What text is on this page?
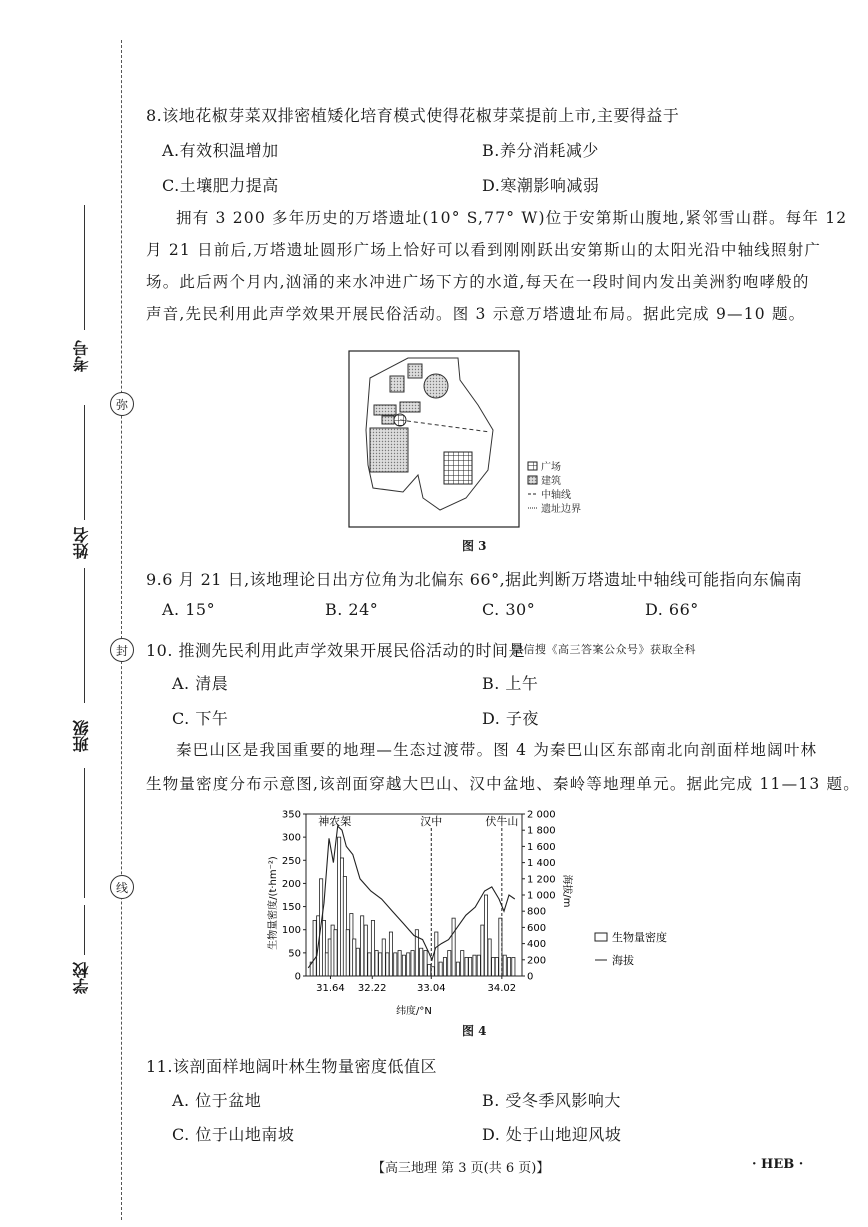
考号
弥
姓名
封
班级
线
学校
8.该地花椒芽菜双排密植矮化培育模式使得花椒芽菜提前上市,主要得益于
A.有效积温增加	B.养分消耗减少
C.土壤肥力提高	D.寒潮影响减弱
拥有 3 200 多年历史的万塔遗址(10° S,77° W)位于安第斯山腹地,紧邻雪山群。每年 12
月 21 日前后,万塔遗址圆形广场上恰好可以看到刚刚跃出安第斯山的太阳光沿中轴线照射广
场。此后两个月内,汹涌的来水冲进广场下方的水道,每天在一段时间内发出美洲豹咆哮般的
声音,先民利用此声学效果开展民俗活动。图 3 示意万塔遗址布局。据此完成 9—10 题。
广场
建筑
中轴线
遗址边界
图 3
9.6 月 21 日,该地理论日出方位角为北偏东 66°,据此判断万塔遗址中轴线可能指向东偏南
A. 15°	B. 24°	C. 30°	D. 66°
10. 推测先民利用此声学效果开展民俗活动的时间是
微信搜《高三答案公众号》获取全科
A. 清晨	B. 上午
C. 下午	D. 子夜
秦巴山区是我国重要的地理—生态过渡带。图 4 为秦巴山区东部南北向剖面样地阔叶林
生物量密度分布示意图,该剖面穿越大巴山、汉中盆地、秦岭等地理单元。据此完成 11—13 题。
0
50
100
150
200
250
300
350
0
200
400
600
800
1 000
1 200
1 400
1 600
1 800
2 000
31.64 32.22	33.04	34.02
神农架	汉中	伏牛山
生物量密度
海拔
生物量密度/(t·hm⁻²)	海拔/m
纬度/°N
图 4
11.该剖面样地阔叶林生物量密度低值区
A. 位于盆地	B. 受冬季风影响大
C. 位于山地南坡	D. 处于山地迎风坡
【高三地理 第 3 页(共 6 页)】	· HEB ·
